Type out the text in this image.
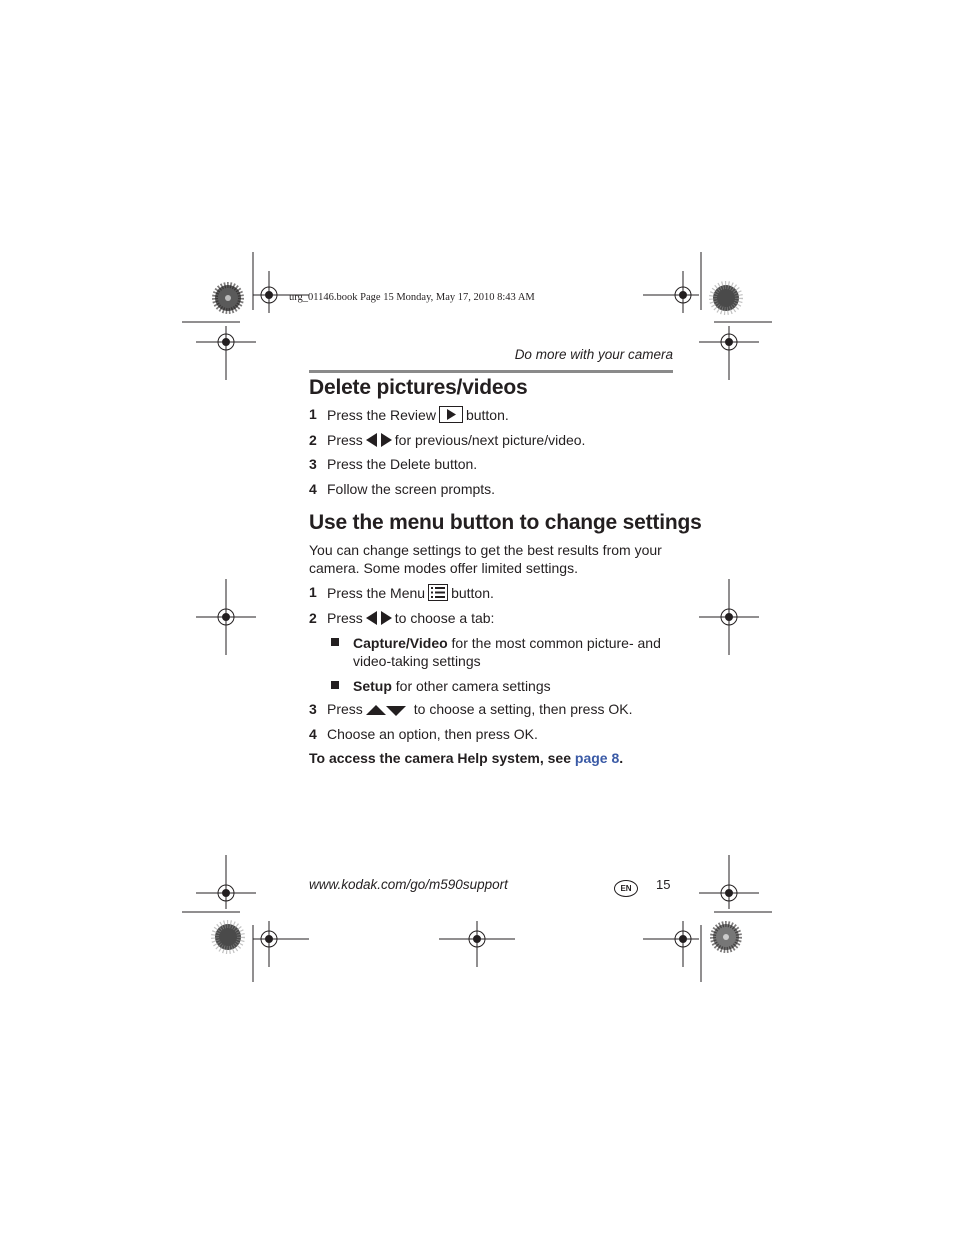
urg_01146.book Page 15 Monday, May 17, 2010 8:43 AM
Do more with your camera
Delete pictures/videos
1 Press the Review button.
2 Press for previous/next picture/video.
3 Press the Delete button.
4 Follow the screen prompts.
Use the menu button to change settings
You can change settings to get the best results from your
camera. Some modes offer limited settings.
1 Press the Menu button.
2 Press to choose a tab:
Capture/Video for the most common picture- and
video-taking settings
Setup for other camera settings
3 Press	to choose a setting, then press OK.
4 Choose an option, then press OK.
To access the camera Help system, see page 8.
www.kodak.com/go/m590support	EN	15
